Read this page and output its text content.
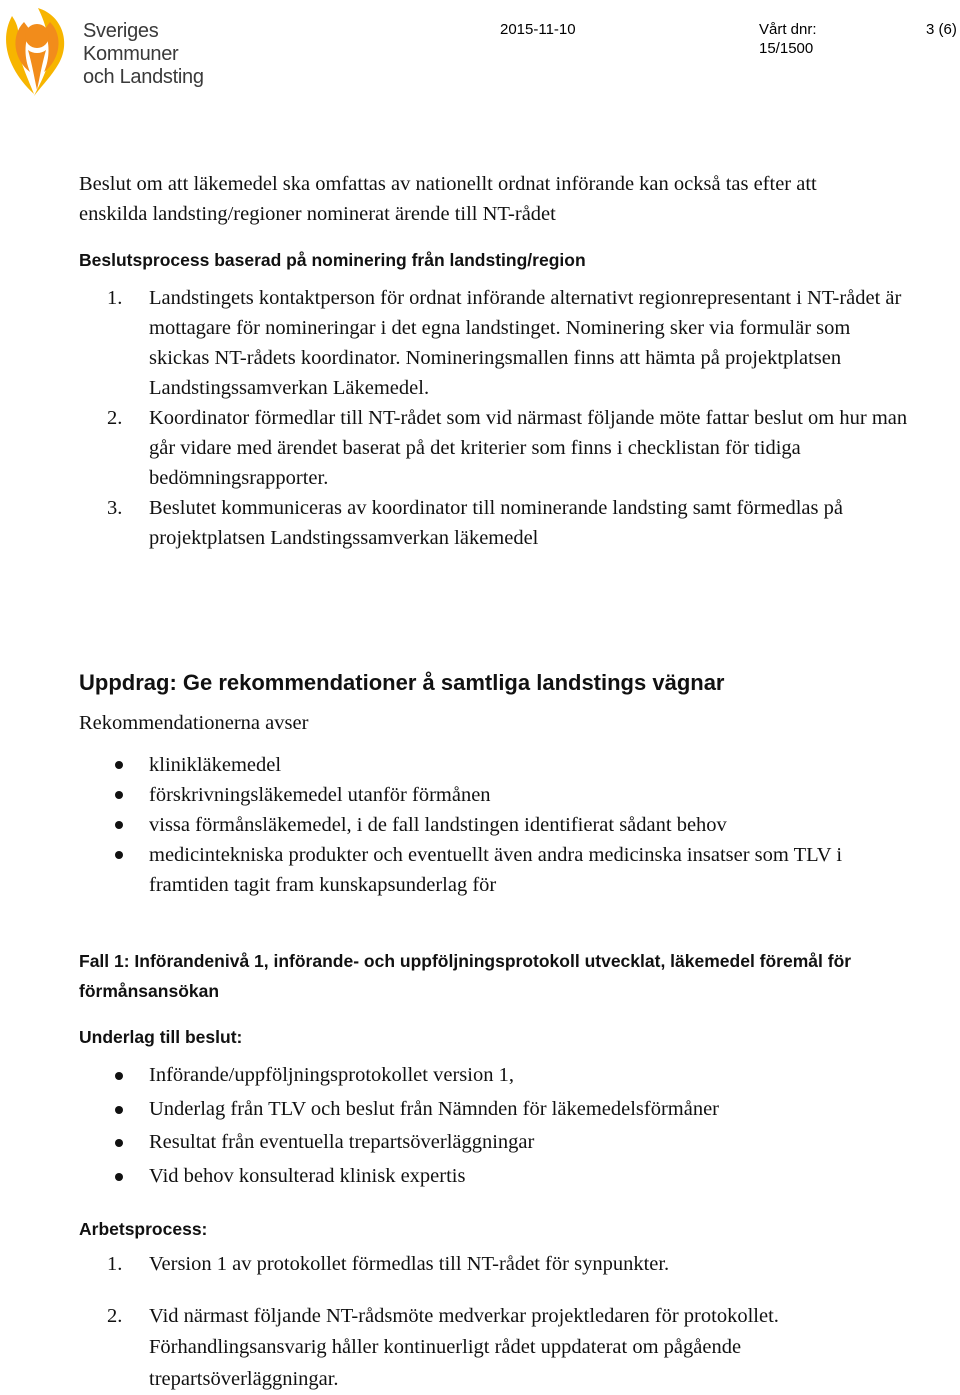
Sveriges
Kommuner
och Landsting
2015-11-10	Vårt dnr:
15/1500
3 (6)
Beslut om att läkemedel ska omfattas av nationellt ordnat införande kan också tas efter att enskilda landsting/regioner nominerat ärende till NT-rådet
Beslutsprocess baserad på nominering från landsting/region
1. Landstingets kontaktperson för ordnat införande alternativt regionrepresentant i NT-rådet är mottagare för nomineringar i det egna landstinget. Nominering sker via formulär som skickas NT-rådets koordinator. Nomineringsmallen finns att hämta på projektplatsen Landstingssamverkan Läkemedel.
2. Koordinator förmedlar till NT-rådet som vid närmast följande möte fattar beslut om hur man går vidare med ärendet baserat på det kriterier som finns i checklistan för tidiga bedömningsrapporter.
3. Beslutet kommuniceras av koordinator till nominerande landsting samt förmedlas på projektplatsen Landstingssamverkan läkemedel
Uppdrag: Ge rekommendationer å samtliga landstings vägnar
Rekommendationerna avser
klinikläkemedel
förskrivningsläkemedel utanför förmånen
vissa förmånsläkemedel, i de fall landstingen identifierat sådant behov
medicintekniska produkter och eventuellt även andra medicinska insatser som TLV i framtiden tagit fram kunskapsunderlag för
Fall 1: Införandenivå 1, införande- och uppföljningsprotokoll utvecklat, läkemedel föremål för förmånsansökan
Underlag till beslut:
Införande/uppföljningsprotokollet version 1,
Underlag från TLV och beslut från Nämnden för läkemedelsförmåner
Resultat från eventuella trepartsöverläggningar
Vid behov konsulterad klinisk expertis
Arbetsprocess:
1. Version 1 av protokollet förmedlas till NT-rådet för synpunkter.
2. Vid närmast följande NT-rådsmöte medverkar projektledaren för protokollet. Förhandlingsansvarig håller kontinuerligt rådet uppdaterat om pågående trepartsöverläggningar.
